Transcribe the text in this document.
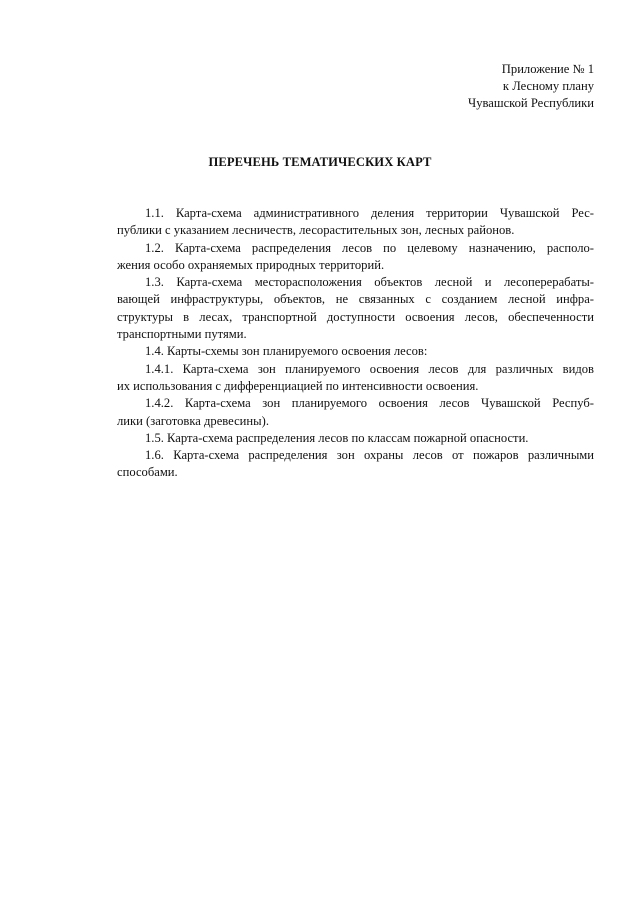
Приложение № 1
к Лесному плану
Чувашской Республики
ПЕРЕЧЕНЬ ТЕМАТИЧЕСКИХ КАРТ
1.1. Карта-схема административного деления территории Чувашской Рес-
публики с указанием лесничеств, лесорастительных зон, лесных районов.
1.2. Карта-схема распределения лесов по целевому назначению, располо-
жения особо охраняемых природных территорий.
1.3. Карта-схема месторасположения объектов лесной и лесоперерабаты-
вающей инфраструктуры, объектов, не связанных с созданием лесной инфра-
структуры в лесах, транспортной доступности освоения лесов, обеспеченности
транспортными путями.
1.4. Карты-схемы зон планируемого освоения лесов:
1.4.1. Карта-схема зон планируемого освоения лесов для различных видов
их использования с дифференциацией по интенсивности освоения.
1.4.2. Карта-схема зон планируемого освоения лесов Чувашской Респуб-
лики (заготовка древесины).
1.5. Карта-схема распределения лесов по классам пожарной опасности.
1.6. Карта-схема распределения зон охраны лесов от пожаров различными
способами.
